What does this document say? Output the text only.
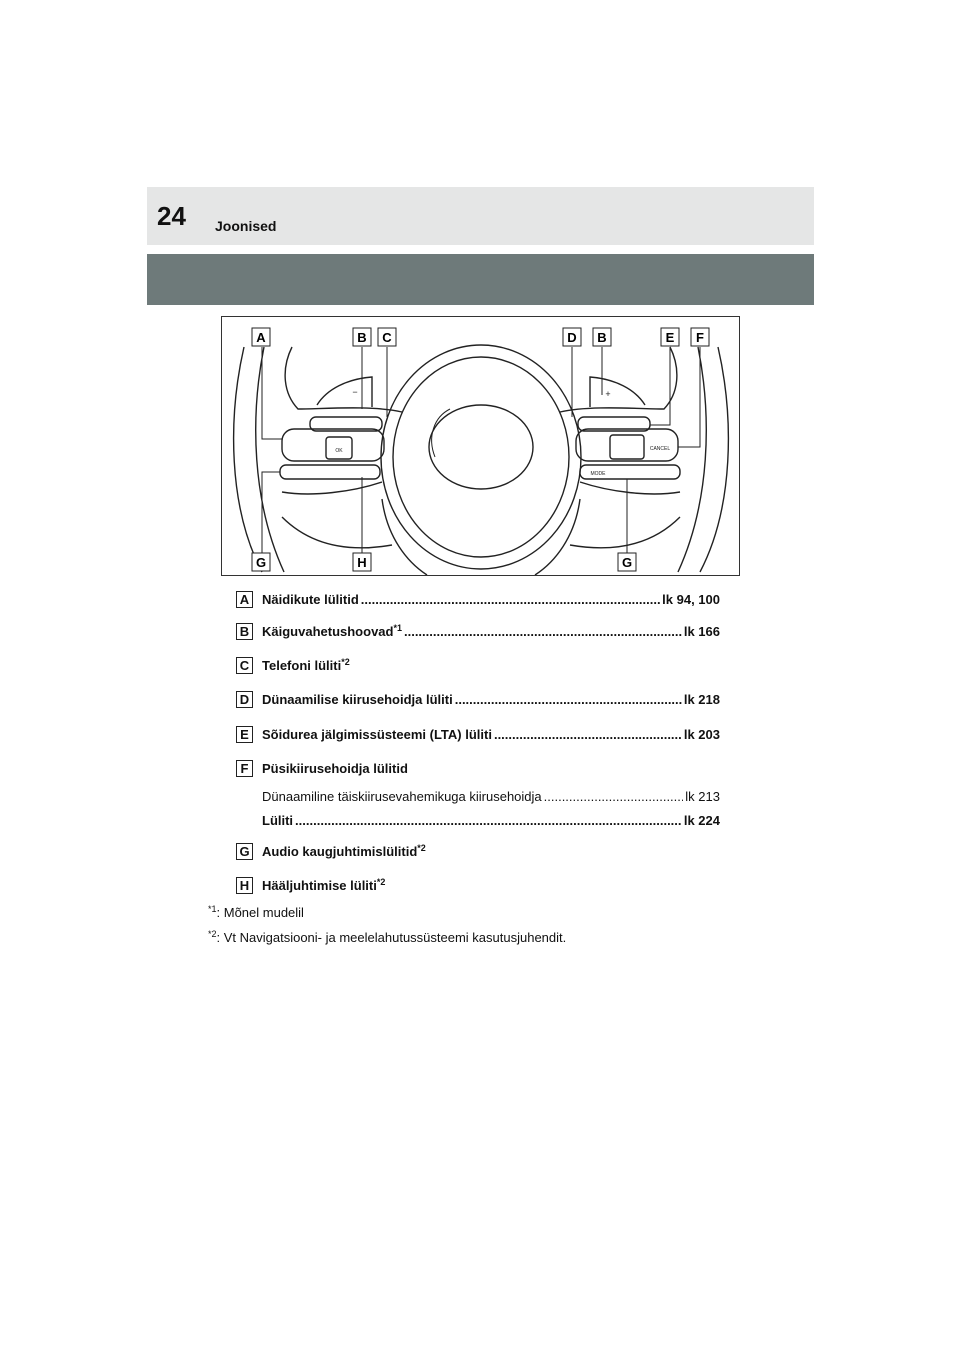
24 Joonised
−	+
OK
MODE
CANCEL
A	B C	D B	E F
G	H	G
A Näidikute lülitid .....	lk 94, 100
B Käiguvahetushoovad$^{*1}$ .....	lk 166
C Telefoni lüliti$^{*2}$
D Dünaamilise kiirusehoidja lüliti .....	lk 218
E	Sõidurea jälgimissüsteemi (LTA) lüliti .....	lk 203
F	Püsikiirusehoidja lülitid
Dünaamiline täiskiirusevahemikuga kiirusehoidja .....	lk 213
Lüliti .....	lk 224
G Audio kaugjuhtimislülitid$^{*2}$
H Hääljuhtimise lüliti$^{*2}$
$^{*1}$: Mõnel mudelil
$^{*2}$: Vt Navigatsiooni- ja meelelahutussüsteemi kasutusjuhendit.
